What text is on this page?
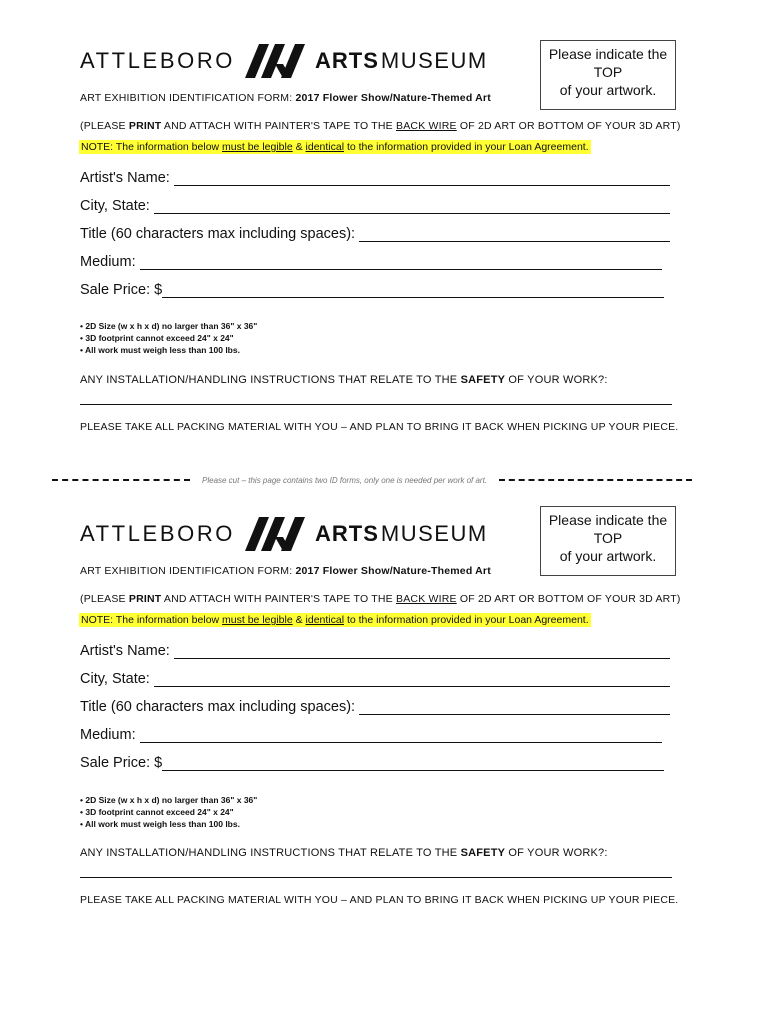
ATTLEBORO	ARTS MUSEUM	Please indicate the
TOP
of your artwork.
ART EXHIBITION IDENTIFICATION FORM: 2017 Flower Show/Nature-Themed Art
(PLEASE PRINT AND ATTACH WITH PAINTER'S TAPE TO THE BACK WIRE OF 2D ART OR BOTTOM OF YOUR 3D ART)
NOTE: The information below must be legible & identical to the information provided in your Loan Agreement.
Artist's Name:
City, State:
Title (60 characters max including spaces):
Medium:
Sale Price: $
• 2D Size (w x h x d) no larger than 36" x 36"
• 3D footprint cannot exceed 24" x 24"
• All work must weigh less than 100 lbs.
ANY INSTALLATION/HANDLING INSTRUCTIONS THAT RELATE TO THE SAFETY OF YOUR WORK?:
PLEASE TAKE ALL PACKING MATERIAL WITH YOU – AND PLAN TO BRING IT BACK WHEN PICKING UP YOUR PIECE.
Please cut – this page contains two ID forms, only one is needed per work of art.
ATTLEBORO	ARTS MUSEUM
Please indicate the
TOP
of your artwork.
ART EXHIBITION IDENTIFICATION FORM: 2017 Flower Show/Nature-Themed Art
(PLEASE PRINT AND ATTACH WITH PAINTER'S TAPE TO THE BACK WIRE OF 2D ART OR BOTTOM OF YOUR 3D ART)
NOTE: The information below must be legible & identical to the information provided in your Loan Agreement.
Artist's Name:
City, State:
Title (60 characters max including spaces):
Medium:
Sale Price: $
• 2D Size (w x h x d) no larger than 36" x 36"
• 3D footprint cannot exceed 24" x 24"
• All work must weigh less than 100 lbs.
ANY INSTALLATION/HANDLING INSTRUCTIONS THAT RELATE TO THE SAFETY OF YOUR WORK?:
PLEASE TAKE ALL PACKING MATERIAL WITH YOU – AND PLAN TO BRING IT BACK WHEN PICKING UP YOUR PIECE.
